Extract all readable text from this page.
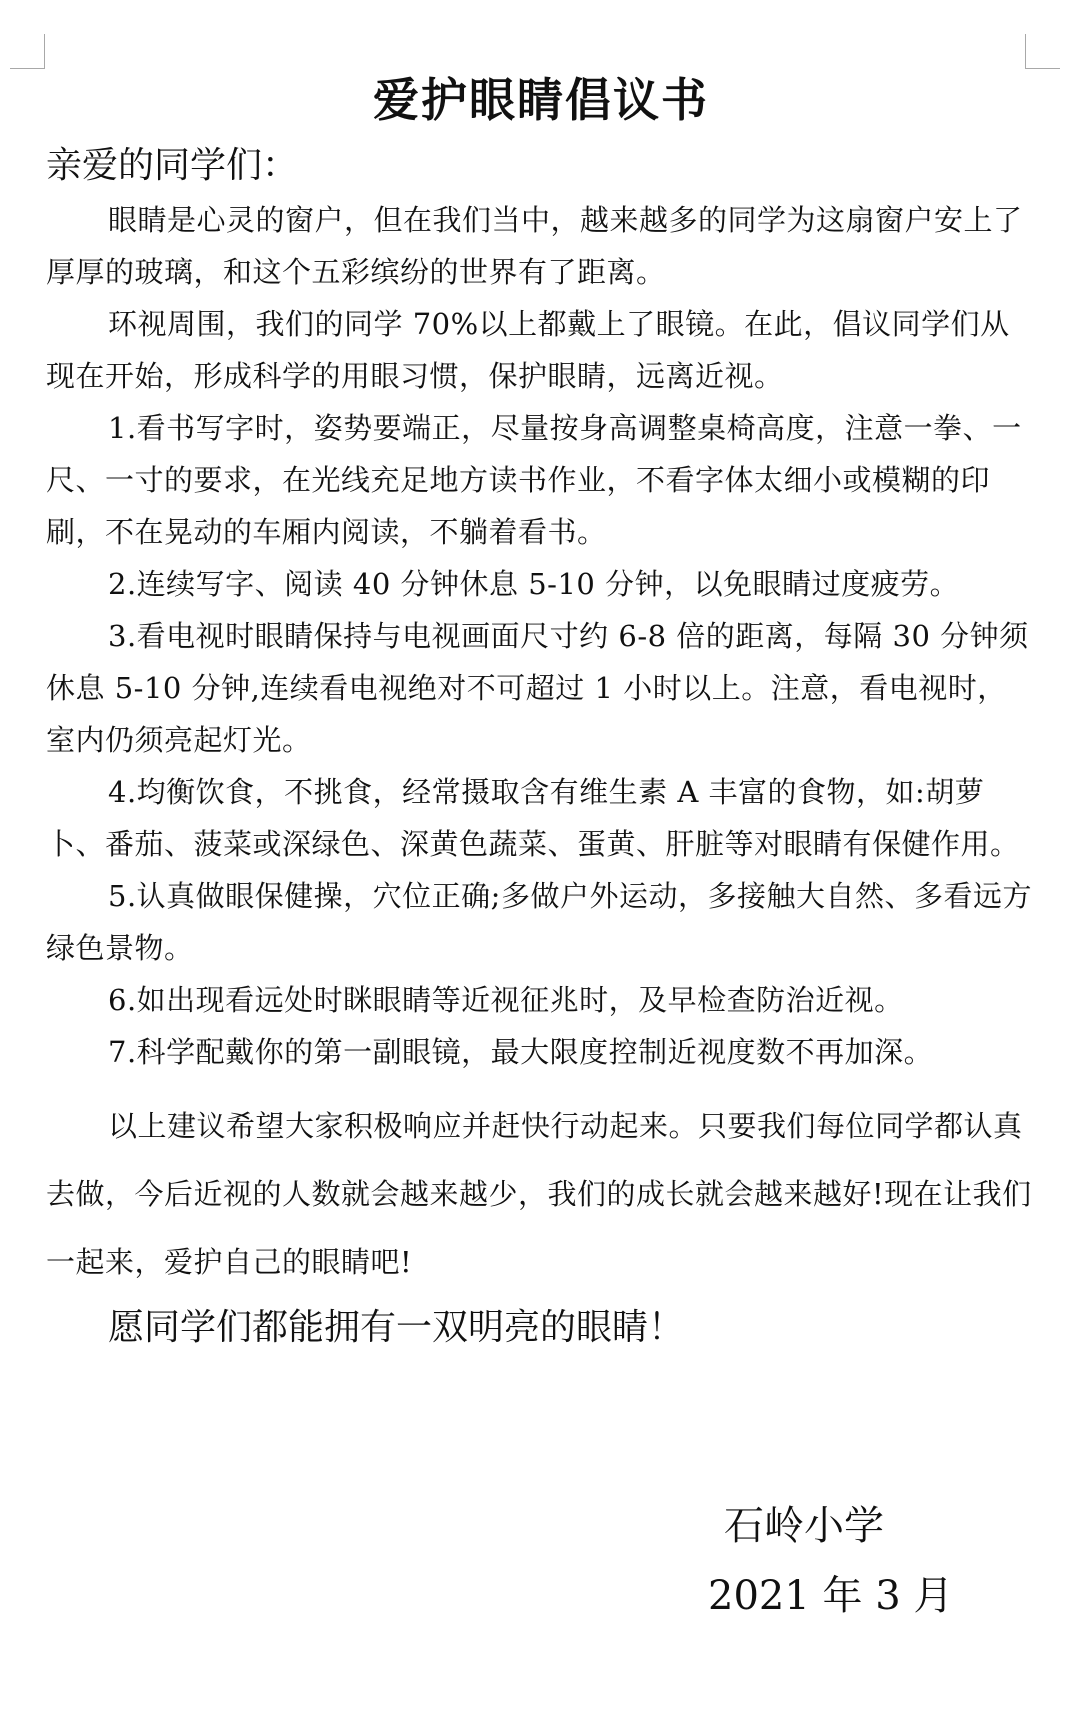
爱护眼睛倡议书
亲爱的同学们：

眼睛是心灵的窗户，但在我们当中，越来越多的同学为这扇窗户安上了厚厚的玻璃，和这个五彩缤纷的世界有了距离。

环视周围，我们的同学 70%以上都戴上了眼镜。在此，倡议同学们从现在开始，形成科学的用眼习惯，保护眼睛，远离近视。

1.看书写字时，姿势要端正，尽量按身高调整桌椅高度，注意一拳、一尺、一寸的要求，在光线充足地方读书作业，不看字体太细小或模糊的印刷，不在晃动的车厢内阅读，不躺着看书。

2.连续写字、阅读 40 分钟休息 5-10 分钟，以免眼睛过度疲劳。

3.看电视时眼睛保持与电视画面尺寸约 6-8 倍的距离，每隔 30 分钟须休息 5-10 分钟,连续看电视绝对不可超过 1 小时以上。注意，看电视时，室内仍须亮起灯光。

4.均衡饮食，不挑食，经常摄取含有维生素 A 丰富的食物，如:胡萝卜、番茄、菠菜或深绿色、深黄色蔬菜、蛋黄、肝脏等对眼睛有保健作用。

5.认真做眼保健操，穴位正确;多做户外运动，多接触大自然、多看远方绿色景物。

6.如出现看远处时眯眼睛等近视征兆时，及早检查防治近视。

7.科学配戴你的第一副眼镜，最大限度控制近视度数不再加深。

以上建议希望大家积极响应并赶快行动起来。只要我们每位同学都认真去做，今后近视的人数就会越来越少，我们的成长就会越来越好!现在让我们一起来，爱护自己的眼睛吧!

愿同学们都能拥有一双明亮的眼睛！

石岭小学
2021 年 3 月
